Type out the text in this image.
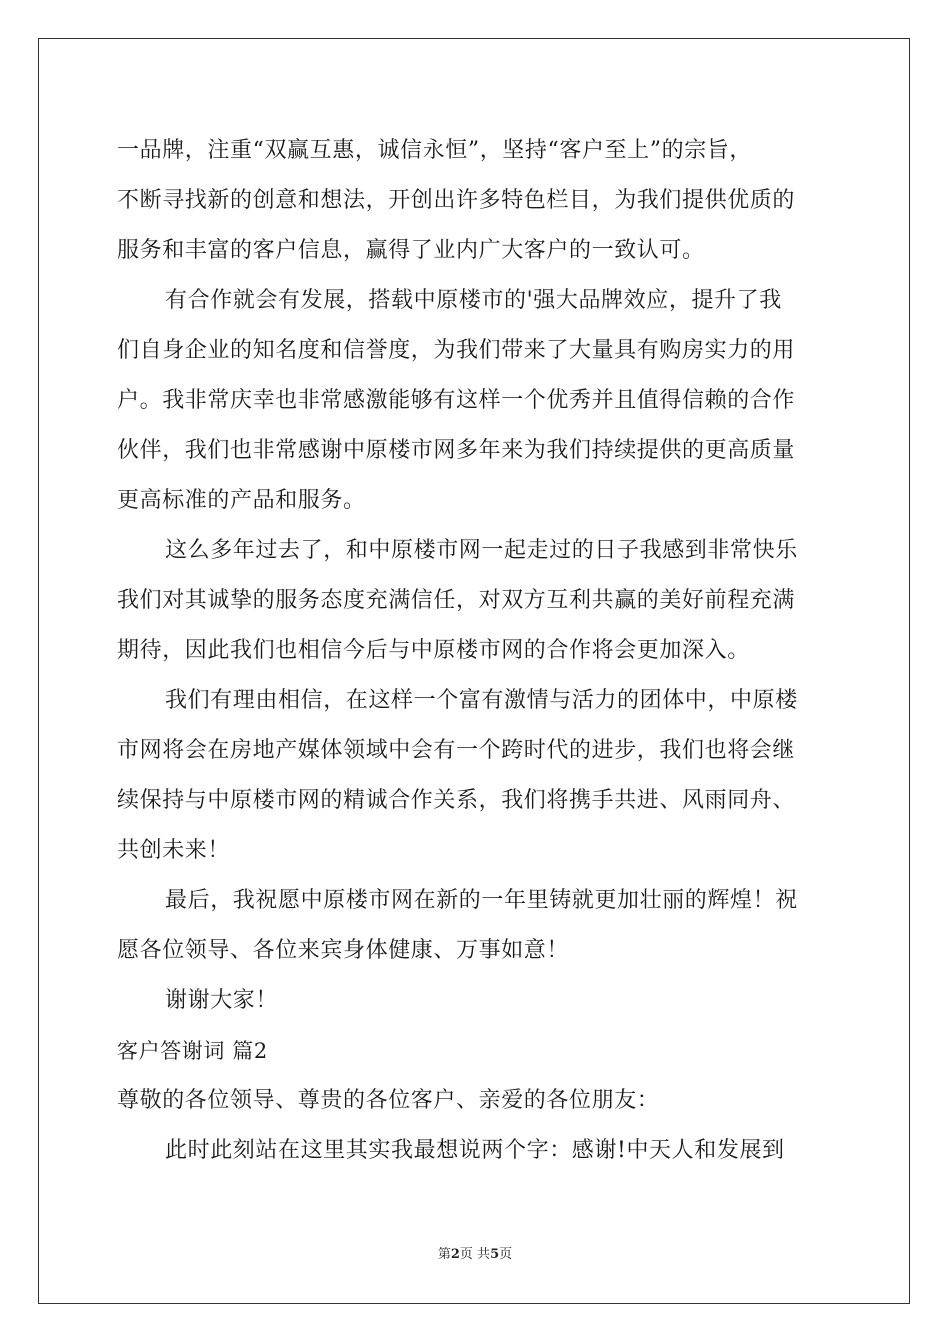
一品牌，注重“双赢互惠，诚信永恒”，坚持“客户至上”的宗旨，
不断寻找新的创意和想法，开创出许多特色栏目，为我们提供优质的
服务和丰富的客户信息，赢得了业内广大客户的一致认可。
有合作就会有发展，搭载中原楼市的'强大品牌效应，提升了我
们自身企业的知名度和信誉度，为我们带来了大量具有购房实力的用
户。我非常庆幸也非常感激能够有这样一个优秀并且值得信赖的合作
伙伴，我们也非常感谢中原楼市网多年来为我们持续提供的更高质量
更高标准的产品和服务。
这么多年过去了，和中原楼市网一起走过的日子我感到非常快乐
我们对其诚挚的服务态度充满信任，对双方互利共赢的美好前程充满
期待，因此我们也相信今后与中原楼市网的合作将会更加深入。
我们有理由相信，在这样一个富有激情与活力的团体中，中原楼
市网将会在房地产媒体领域中会有一个跨时代的进步，我们也将会继
续保持与中原楼市网的精诚合作关系，我们将携手共进、风雨同舟、
共创未来！
最后，我祝愿中原楼市网在新的一年里铸就更加壮丽的辉煌！祝
愿各位领导、各位来宾身体健康、万事如意！
谢谢大家！
客户答谢词 篇2
尊敬的各位领导、尊贵的各位客户、亲爱的各位朋友：
此时此刻站在这里其实我最想说两个字：感谢!中天人和发展到
第2页 共5页
